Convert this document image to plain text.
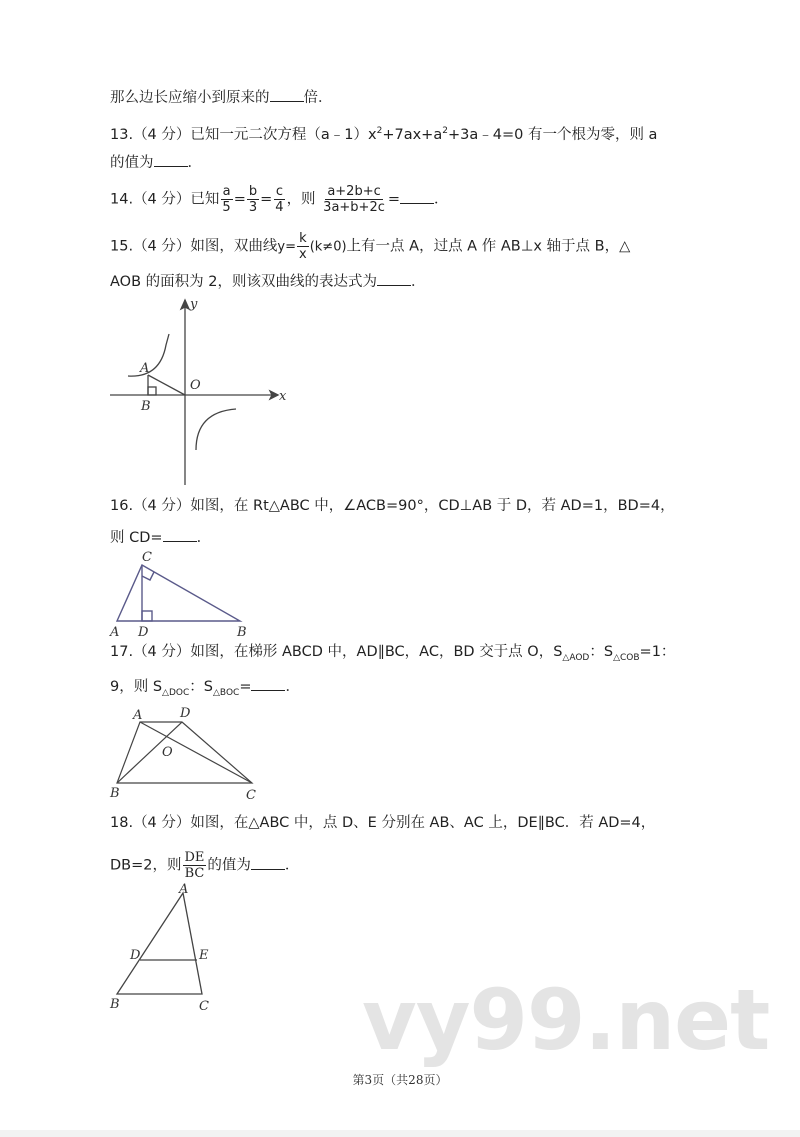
那么边长应缩小到原来的 倍．
13.（4 分）已知一元二次方程$(a﹣1)x^2+7ax+a^2+3a﹣4=0$ 有一个根为零，则 a
的值为 ．
14.（4 分）已知 $\frac{a}{5} = \frac{b}{3} = \frac{c}{4}$ ，则 $\frac{a+2b+c}{3a+b+2c}$ = ．
15.（4 分）如图，双曲线$y= \frac{k}{x} (k\ne 0)$上有一点 A，过点 A 作 AB⊥x 轴于点 B，△
AOB 的面积为 2，则该双曲线的表达式为 ．
y
x
O
A
B
C
A D	B
A	D
O
B	C
A
D	E
B	C
16.（4 分）如图，在 Rt△ABC 中，∠ACB=90°，CD⊥AB 于 D，若 AD=1，BD=4，
则 CD= ．
17.（4 分）如图，在梯形 ABCD 中，AD∥BC，AC，BD 交于点 O，$S_{\triangle AOD}$：$S_{\triangle COB}=1$：
9，则 $S_{\triangle DOC}$：$S_{\triangle BOC}=$ ．
18.（4 分）如图，在△ABC 中，点 D、E 分别在 AB、AC 上，DE∥BC．若 AD=4，
DB=2，则 $\frac{DE}{BC}$ 的值为 ．
vy99.net
第3页（共28页）
